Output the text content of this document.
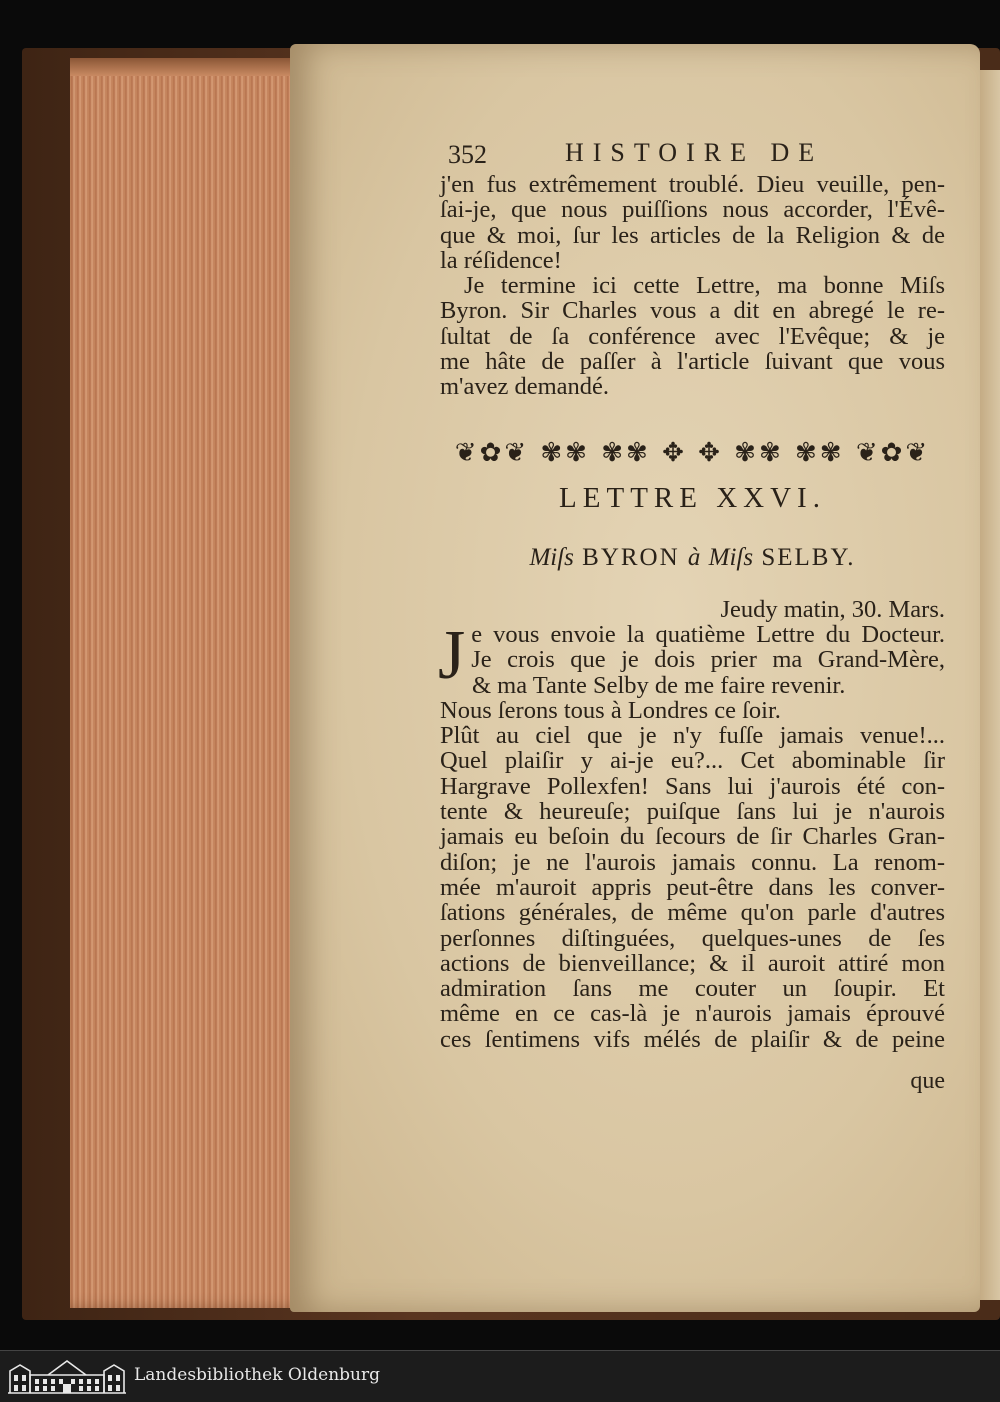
352	HISTOIRE DE
j'en fus extrêmement troublé. Dieu veuille, pen-
ſai-je, que nous puiſſions nous accorder, l'Évê-
que & moi, ſur les articles de la Religion & de
la réſidence!
Je termine ici cette Lettre, ma bonne Miſs
Byron. Sir Charles vous a dit en abregé le re-
ſultat de ſa conférence avec l'Evêque; & je
me hâte de paſſer à l'article ſuivant que vous
m'avez demandé.
❦✿❦ ✾✾ ✾✾ ✥ ✥ ✾✾ ✾✾ ❦✿❦
LETTRE XXVI.
Miſs BYRON à Miſs SELBY.
Jeudy matin, 30. Mars.
J e vous envoie la quatième Lettre du Docteur.
Je crois que je dois prier ma Grand-Mère,
& ma Tante Selby de me faire revenir.
Nous ſerons tous à Londres ce ſoir.
Plût au ciel que je n'y fuſſe jamais venue!...
Quel plaiſir y ai-je eu?... Cet abominable ſir
Hargrave Pollexfen! Sans lui j'aurois été con-
tente & heureuſe; puiſque ſans lui je n'aurois
jamais eu beſoin du ſecours de ſir Charles Gran-
diſon; je ne l'aurois jamais connu. La renom-
mée m'auroit appris peut-être dans les conver-
ſations générales, de même qu'on parle d'autres
perſonnes diſtinguées, quelques-unes de ſes
actions de bienveillance; & il auroit attiré mon
admiration ſans me couter un ſoupir. Et
même en ce cas-là je n'aurois jamais éprouvé
ces ſentimens vifs mélés de plaiſir & de peine
que
Landesbibliothek Oldenburg
